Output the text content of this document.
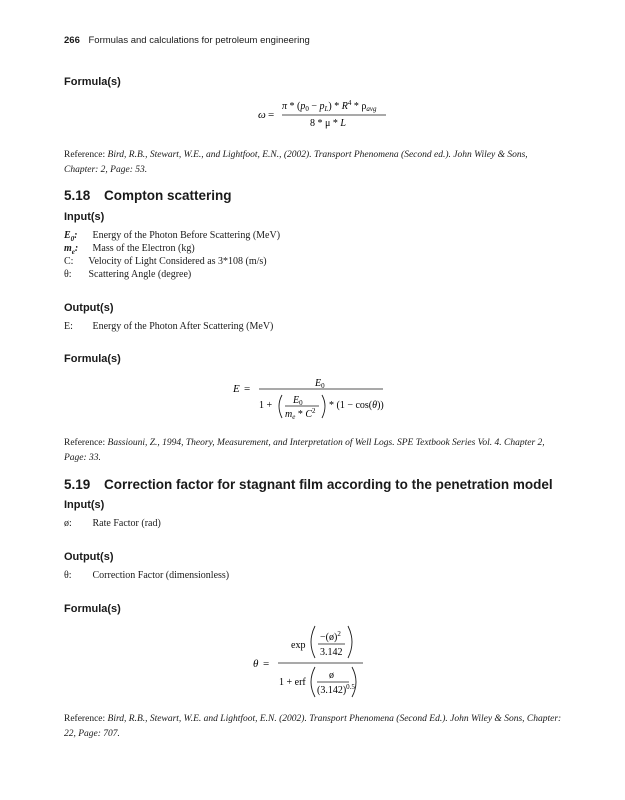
266 Formulas and calculations for petroleum engineering
Formula(s)
ω =
$\pi * (p_0 - p_L) * R^4 * \rho_{avg}$
8 * μ * L
Reference: Bird, R.B., Stewart, W.E., and Lightfoot, E.N., (2002). Transport Phenomena (Second ed.). John Wiley & Sons, Chapter: 2, Page: 53.
5.18 Compton scattering
Input(s)
$E_0$: Energy of the Photon Before Scattering (MeV)
$m_e$: Mass of the Electron (kg)
C: Velocity of Light Considered as 3*108 (m/s)
θ: Scattering Angle (degree)
Output(s)
E: Energy of the Photon After Scattering (MeV)
Formula(s)
E =	$E_0$
$1 + E_0$
$m_e * C^2 * (1 - \cos(\theta))$
Reference: Bassiouni, Z., 1994, Theory, Measurement, and Interpretation of Well Logs. SPE Textbook Series Vol. 4. Chapter 2, Page: 33.
5.19 Correction factor for stagnant film according to the penetration model
Input(s)
ø: Rate Factor (rad)
Output(s)
θ: Correction Factor (dimensionless)
Formula(s)
exp
−(ø)$^2$
3.142
θ =
1 + erf
ø
$(3.142)^{0.5}$
Reference: Bird, R.B., Stewart, W.E. and Lightfoot, E.N. (2002). Transport Phenomena (Second Ed.). John Wiley & Sons, Chapter: 22, Page: 707.
